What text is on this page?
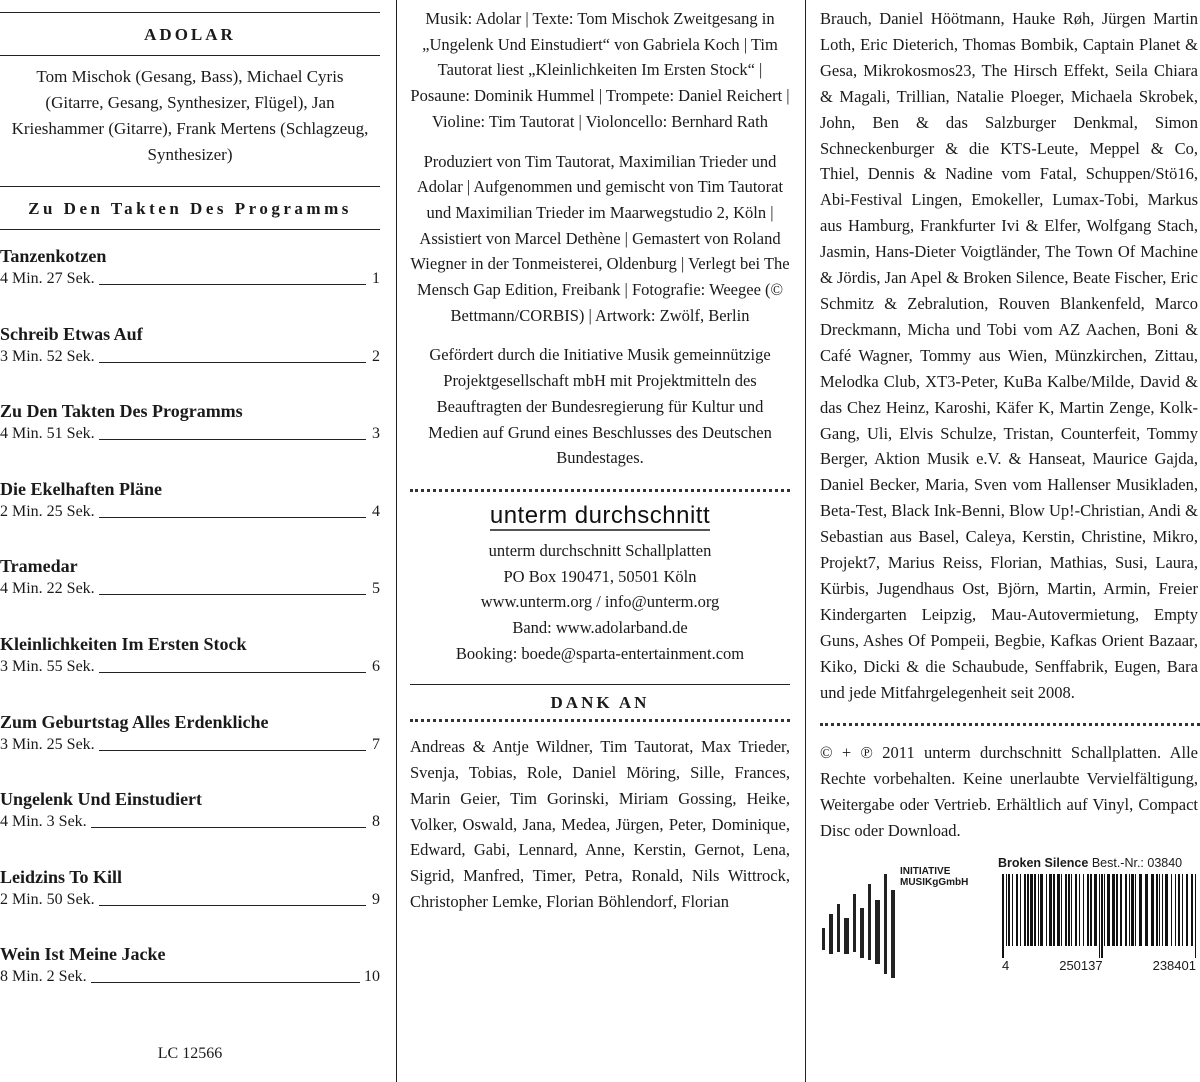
ADOLAR
Tom Mischok (Gesang, Bass), Michael Cyris (Gitarre, Gesang, Synthesizer, Flügel), Jan Krieshammer (Gitarre), Frank Mertens (Schlagzeug, Synthesizer)
Zu Den Takten Des Programms
Tanzenkotzen
4 Min. 27 Sek.	1
Schreib Etwas Auf
3 Min. 52 Sek.	2
Zu Den Takten Des Programms
4 Min. 51 Sek.	3
Die Ekelhaften Pläne
2 Min. 25 Sek.	4
Tramedar
4 Min. 22 Sek.	5
Kleinlichkeiten Im Ersten Stock
3 Min. 55 Sek.	6
Zum Geburtstag Alles Erdenkliche
3 Min. 25 Sek.	7
Ungelenk Und Einstudiert
4 Min. 3 Sek.	8
Leidzins To Kill
2 Min. 50 Sek.	9
Wein Ist Meine Jacke
8 Min. 2 Sek.	10
LC 12566
Musik: Adolar | Texte: Tom Mischok Zweitgesang in „Ungelenk Und Einstudiert“ von Gabriela Koch | Tim Tautorat liest „Kleinlichkeiten Im Ersten Stock“ | Posaune: Dominik Hummel | Trompete: Daniel Reichert | Violine: Tim Tautorat | Violoncello: Bernhard Rath
Produziert von Tim Tautorat, Maximilian Trieder und Adolar | Aufgenommen und gemischt von Tim Tautorat und Maximilian Trieder im Maarwegstudio 2, Köln | Assistiert von Marcel Dethène | Gemastert von Roland Wiegner in der Tonmeisterei, Oldenburg | Verlegt bei The Mensch Gap Edition, Freibank | Fotografie: Weegee (© Bettmann/CORBIS) | Artwork: Zwölf, Berlin
Gefördert durch die Initiative Musik gemeinnützige Projektgesellschaft mbH mit Projektmitteln des Beauftragten der Bundesregierung für Kultur und Medien auf Grund eines Beschlusses des Deutschen Bundestages.
unterm durchschnitt
unterm durchschnitt Schallplatten
PO Box 190471, 50501 Köln
www.unterm.org / info@unterm.org
Band: www.adolarband.de
Booking: boede@sparta-entertainment.com
DANK AN
Andreas & Antje Wildner, Tim Tautorat, Max Trieder, Svenja, Tobias, Role, Daniel Möring, Sille, Frances, Marin Geier, Tim Gorinski, Miriam Gossing, Heike, Volker, Oswald, Jana, Medea, Jürgen, Peter, Dominique, Edward, Gabi, Lennard, Anne, Kerstin, Gernot, Lena, Sigrid, Manfred, Timer, Petra, Ronald, Nils Wittrock, Christopher Lemke, Florian Böhlendorf, Florian
Brauch, Daniel Höötmann, Hauke Røh, Jürgen Martin Loth, Eric Dieterich, Thomas Bombik, Captain Planet & Gesa, Mikrokosmos23, The Hirsch Effekt, Seila Chiara & Magali, Trillian, Natalie Ploeger, Michaela Skrobek, John, Ben & das Salzburger Denkmal, Simon Schneckenburger & die KTS-Leute, Meppel & Co, Thiel, Dennis & Nadine vom Fatal, Schuppen/Stö16, Abi-Festival Lingen, Emokeller, Lumax-Tobi, Markus aus Hamburg, Frankfurter Ivi & Elfer, Wolfgang Stach, Jasmin, Hans-Dieter Voigtländer, The Town Of Machine & Jördis, Jan Apel & Broken Silence, Beate Fischer, Eric Schmitz & Zebralution, Rouven Blankenfeld, Marco Dreckmann, Micha und Tobi vom AZ Aachen, Boni & Café Wagner, Tommy aus Wien, Münzkirchen, Zittau, Melodka Club, XT3-Peter, KuBa Kalbe/Milde, David & das Chez Heinz, Karoshi, Käfer K, Martin Zenge, Kolk-Gang, Uli, Elvis Schulze, Tristan, Counterfeit, Tommy Berger, Aktion Musik e.V. & Hanseat, Maurice Gajda, Daniel Becker, Maria, Sven vom Hallenser Musikladen, Beta-Test, Black Ink-Benni, Blow Up!-Christian, Andi & Sebastian aus Basel, Caleya, Kerstin, Christine, Mikro, Projekt7, Marius Reiss, Florian, Mathias, Susi, Laura, Kürbis, Jugendhaus Ost, Björn, Martin, Armin, Freier Kindergarten Leipzig, Mau-Autovermietung, Empty Guns, Ashes Of Pompeii, Begbie, Kafkas Orient Bazaar, Kiko, Dicki & die Schaubude, Senffabrik, Eugen, Bara und jede Mitfahrgelegenheit seit 2008.
© + ℗ 2011 unterm durchschnitt Schallplatten. Alle Rechte vorbehalten. Keine unerlaubte Vervielfältigung, Weitergabe oder Vertrieb. Erhältlich auf Vinyl, Compact Disc oder Download.
INITIATIVE
MUSIKgGmbH
Broken Silence Best.-Nr.: 03840
4	250137	238401
